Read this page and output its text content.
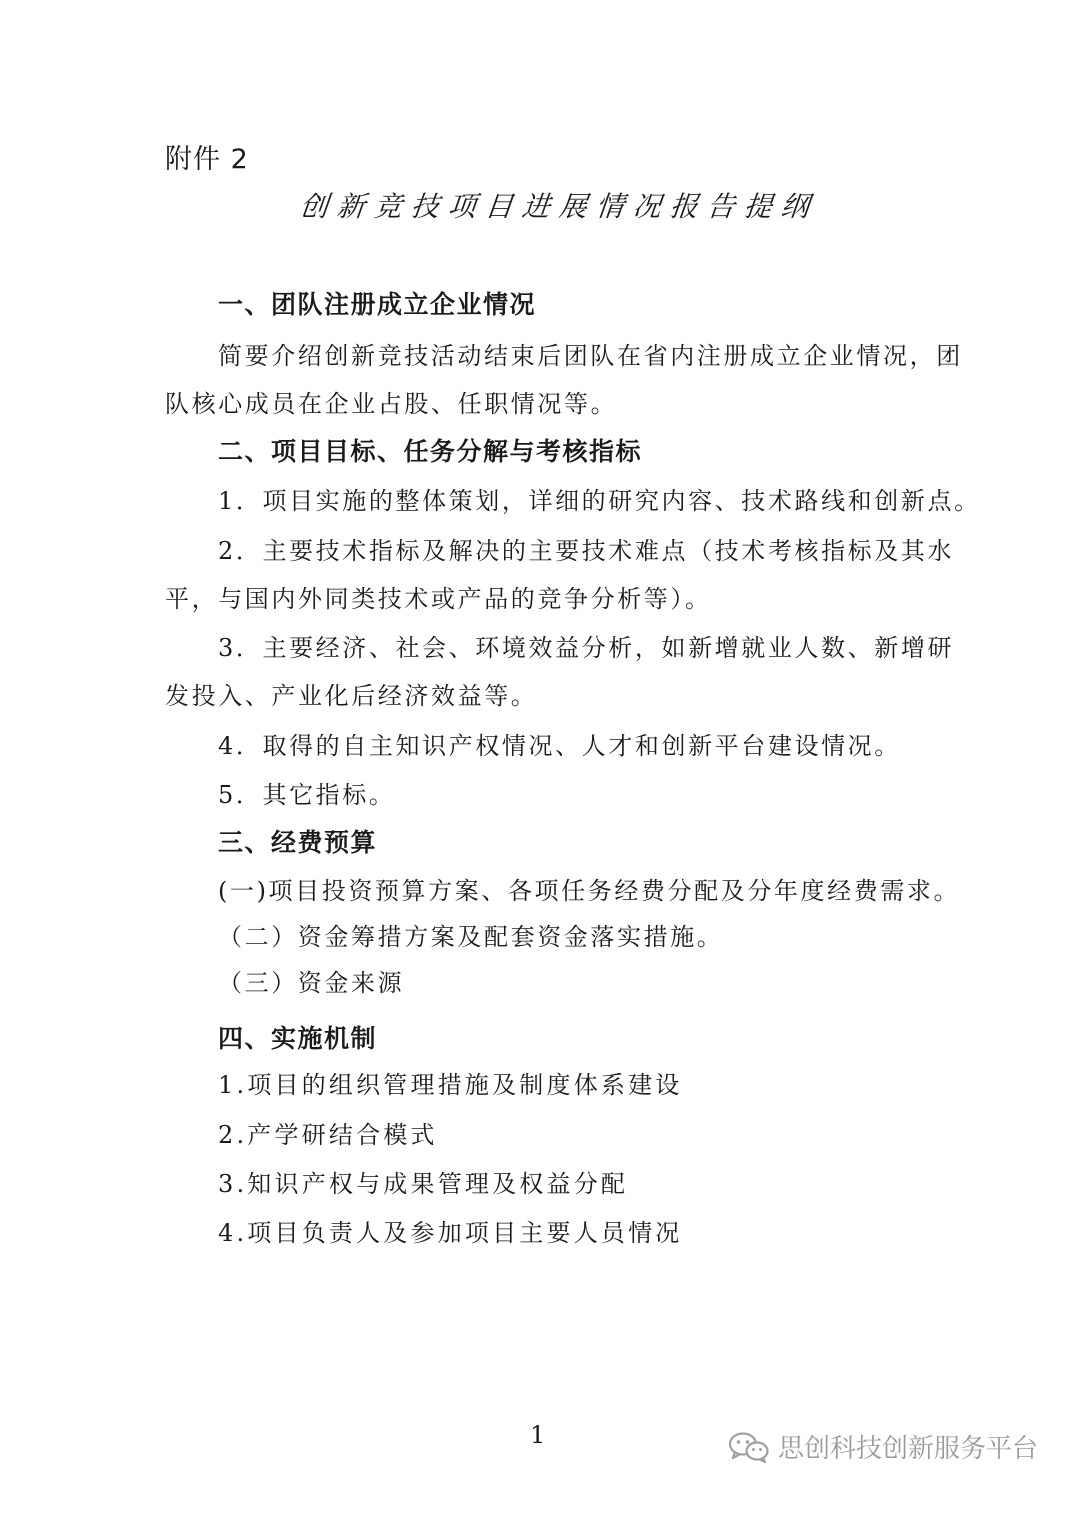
附件 2
创新竞技项目进展情况报告提纲
一、团队注册成立企业情况
简要介绍创新竞技活动结束后团队在省内注册成立企业情况，团
队核心成员在企业占股、任职情况等。
二、项目目标、任务分解与考核指标
1．项目实施的整体策划，详细的研究内容、技术路线和创新点。
2．主要技术指标及解决的主要技术难点（技术考核指标及其水
平，与国内外同类技术或产品的竞争分析等）。
3．主要经济、社会、环境效益分析，如新增就业人数、新增研
发投入、产业化后经济效益等。
4．取得的自主知识产权情况、人才和创新平台建设情况。
5．其它指标。
三、经费预算
(一)项目投资预算方案、各项任务经费分配及分年度经费需求。
（二）资金筹措方案及配套资金落实措施。
（三）资金来源
四、实施机制
1.项目的组织管理措施及制度体系建设
2.产学研结合模式
3.知识产权与成果管理及权益分配
4.项目负责人及参加项目主要人员情况
1	思创科技创新服务平台
